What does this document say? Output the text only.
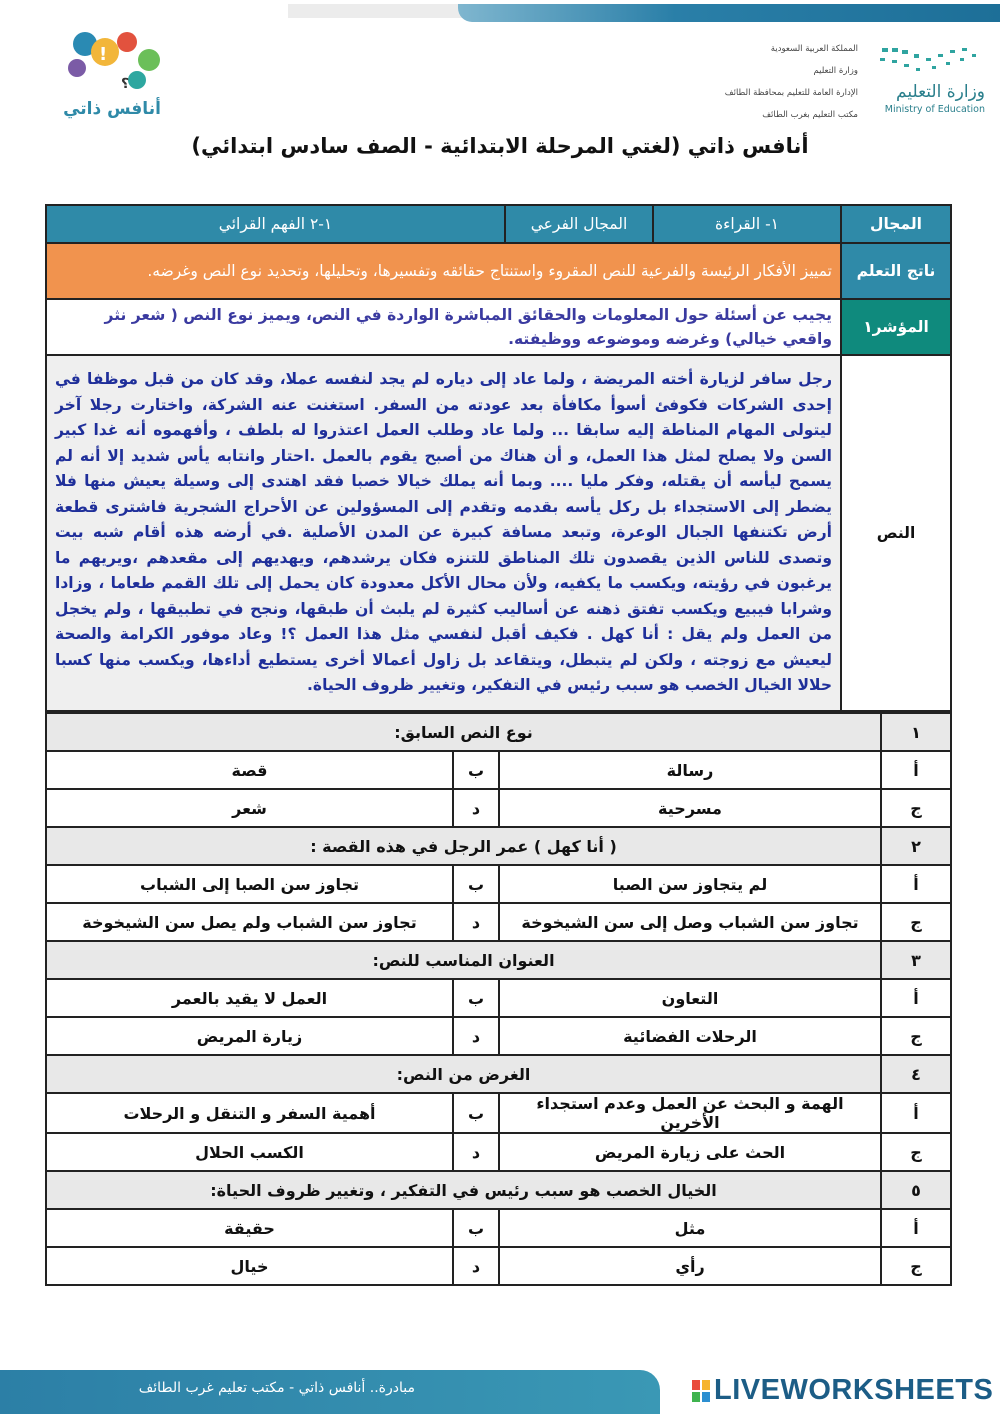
!
؟
أنافس ذاتي
المملكة العربية السعودية
وزارة التعليم
الإدارة العامة للتعليم بمحافظة الطائف
مكتب التعليم بغرب الطائف
وزارة التعليم
Ministry of Education
أنافس ذاتي (لغتي المرحلة الابتدائية - الصف سادس ابتدائي)
المجال	١- القراءة	المجال الفرعي	١-٢ الفهم القرائي
ناتج التعلم	تمييز الأفكار الرئيسة والفرعية للنص المقروء واستنتاج حقائقه وتفسيرها، وتحليلها، وتحديد نوع النص وغرضه.		
المؤشر١	يجيب عن أسئلة حول المعلومات والحقائق المباشرة الواردة في النص، ويميز نوع النص ( شعر نثر واقعي خيالي) وغرضه وموضوعه ووظيفته.		
النص	رجل سافر لزيارة أخته المريضة ، ولما عاد إلى دياره لم يجد لنفسه عملا، وقد كان من قبل موظفا في إحدى الشركات فكوفئ أسوأ مكافأة بعد عودته من السفر. استغنت عنه الشركة، واختارت رجلا آخر ليتولى المهام المناطة إليه سابقا ... ولما عاد وطلب العمل اعتذروا له بلطف ، وأفهموه أنه غدا كبير السن ولا يصلح لمثل هذا العمل، و أن هناك من أصبح يقوم بالعمل .احتار وانتابه يأس شديد إلا أنه لم يسمح ليأسه أن يقتله، وفكر مليا .... وبما أنه يملك خيالا خصبا فقد اهتدى إلى وسيلة يعيش منها فلا يضطر إلى الاستجداء بل ركل يأسه بقدمه وتقدم إلى المسؤولين عن الأحراج الشجرية فاشترى قطعة أرض تكتنفها الجبال الوعرة، وتبعد مسافة كبيرة عن المدن الأصلية .في أرضه هذه أقام شبه بيت وتصدى للناس الذين يقصدون تلك المناطق للتنزه فكان يرشدهم، ويهديهم إلى مقعدهم ،ويريهم ما يرغبون في رؤيته، ويكسب ما يكفيه، ولأن محال الأكل معدودة كان يحمل إلى تلك القمم طعاما ، وزادا وشرابا فيبيع ويكسب تفتق ذهنه عن أساليب كثيرة لم يلبث أن طبقها، ونجح في تطبيقها ، ولم يخجل من العمل ولم يقل : أنا كهل . فكيف أقبل لنفسي مثل هذا العمل ؟! وعاد موفور الكرامة والصحة ليعيش مع زوجته ، ولكن لم يتبطل، ويتقاعد بل زاول أعمالا أخرى يستطيع أداءها، ويكسب منها كسبا حلالا الخيال الخصب هو سبب رئيس في التفكير، وتغيير ظروف الحياة.		
١	نوع النص السابق:		
أ	رسالة	ب	قصة
ج	مسرحية	د	شعر
٢	( أنا كهل ) عمر الرجل في هذه القصة :		
أ	لم يتجاوز سن الصبا	ب	تجاوز سن الصبا إلى الشباب
ج	تجاوز سن الشباب وصل إلى سن الشيخوخة	د	تجاوز سن الشباب ولم يصل سن الشيخوخة
٣	العنوان المناسب للنص:		
أ	التعاون	ب	العمل لا يقيد بالعمر
ج	الرحلات الفضائية	د	زيارة المريض
٤	الغرض من النص:		
أ	الهمة و البحث عن العمل وعدم استجداء الأخرين	ب	أهمية السفر و التنقل و الرحلات
ج	الحث على زيارة المريض	د	الكسب الحلال
٥	الخيال الخصب هو سبب رئيس في التفكير ، وتغيير ظروف الحياة:		
أ	مثل	ب	حقيقة
ج	رأي	د	خيال
مبادرة.. أنافس ذاتي - مكتب تعليم غرب الطائف	LIVEWORKSHEETS
